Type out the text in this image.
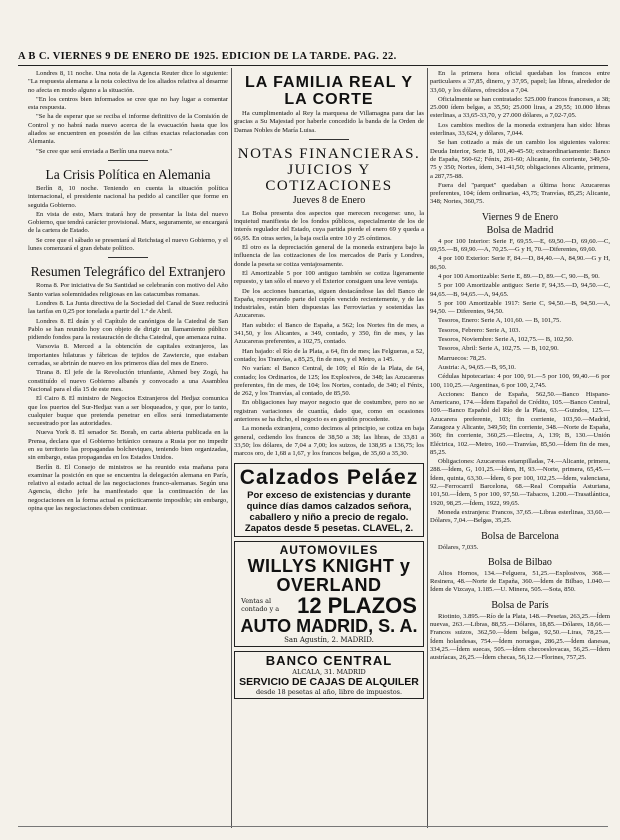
A B C. VIERNES 9 DE ENERO DE 1925. EDICION DE LA TARDE. PAG. 22.

Londres 8, 11 noche. Una nota de la Agencia Reuter dice lo siguiente: "La respuesta alemana a la nota colectiva de los aliados relativa al desarme no afecta en modo alguno a la situación.

"En los centros bien informados se cree que no hay lugar a comentar esta respuesta.

"Se ha de esperar que se reciba el informe definitivo de la Comisión de Control y no habrá nada nuevo acerca de la evacuación hasta que los aliados se encuentren en posesión de las cifras exactas relacionadas con Alemania.

"Se cree que será enviada a Berlín una nueva nota."

La Crisis Política en Alemania

Berlín 8, 10 noche. Teniendo en cuenta la situación política internacional, el presidente nacional ha pedido al canciller que forme en seguida Gobierno.

En vista de esto, Marx tratará hoy de presentar la lista del nuevo Gobierno, que tendrá carácter provisional. Marx, seguramente, se encargará de la cartera de Estado.

Se cree que el sábado se presentará al Reichstag el nuevo Gobierno, y el lunes comenzará el gran debate político.

Resumen Telegráfico del Extranjero

Roma 8. Por iniciativa de Su Santidad se celebrarán con motivo del Año Santo varias solemnidades religiosas en las catacumbas romanas.

Londres 8. La Junta directiva de la Sociedad del Canal de Suez reducirá las tarifas en 0,25 por tonelada a partir del 1.º de Abril.

Londres 8. El deán y el Capítulo de canónigos de la Catedral de San Pablo se han reunido hoy con objeto de dirigir un llamamiento público pidiendo fondos para la restauración de dicha Catedral, que amenaza ruina.

Varsovia 8. Merced a la obtención de capitales extranjeros, las importantes hilaturas y fábricas de tejidos de Zawiercie, que estaban cerradas, se abrirán de nuevo en los primeros días del mes de Enero.

Tirana 8. El jefe de la Revolución triunfante, Ahmed bey Zogú, ha constituído el nuevo Gobierno albanés y convocado a una Asamblea Nacional para el día 15 de este mes.

El Cairo 8. El ministro de Negocios Extranjeros del Hedjaz comunica que los puertos del Sur-Hedjaz van a ser bloqueados, y que, por lo tanto, cualquier buque que pretenda penetrar en ellos será inmediatamente secuestrado por las autoridades.

Nueva York 8. El senador Sr. Borah, en carta abierta publicada en la Prensa, declara que el Gobierno británico censura a Rusia por no impedir en su territorio las propagandas bolcheviques, teniendo bien organizadas, sin embargo, estas propagandas en los Estados Unidos.

Berlín 8. El Consejo de ministros se ha reunido esta mañana para examinar la posición en que se encuentra la delegación alemana en París, relativo al estado actual de las negociaciones franco-alemanas. Según una Agencia, dicho jefe ha manifestado que la continuación de las negociaciones en la forma actual es prácticamente imposible; sin embargo, opina que las negociaciones deben continuar.

LA FAMILIA REAL Y LA CORTE

Ha cumplimentado al Rey la marquesa de Villamagna para dar las gracias a Su Majestad por haberle concedido la banda de la Orden de Damas Nobles de María Luisa.

NOTAS FINANCIERAS. JUICIOS Y COTIZACIONES
Jueves 8 de Enero

La Bolsa presenta dos aspectos que merecen recogerse: uno, la inquietud manifiesta de los fondos públicos, especialmente de los de interés regulador del Estado, cuya partida pierde el enero 69 y queda a 66,95. En otras series, la baja oscila entre 10 y 25 céntimos.

El otro es la depreciación general de la moneda extranjera bajo la influencia de las cotizaciones de los mercados de París y Londres, donde la peseta se cotiza ventajosamente.

El Amortizable 5 por 100 antiguo también se cotiza ligeramente repuesto, y tan sólo el nuevo y el Exterior consiguen una leve ventaja.

De los acciones bancarias, siguen destacándose las del Banco de España, recuperando parte del cupón vencido recientemente, y de las industriales, están bien dispuestas las Ferroviarias y sostenidas las Azucareras.

Han subido: el Banco de España, a 562; los Nortes fin de mes, a 341,50, y los Alicantes, a 349, contado, y 350, fin de mes, y las Azucareras preferentes, a 102,75, contado.

Han bajado: el Río de la Plata, a 64, fin de mes; las Felgueras, a 52, contado; los Tranvías, a 85,25, fin de mes, y el Metro, a 145.

No varían: el Banco Central, de 109; el Río de la Plata, de 64, contado; los Ordinarios, de 125; los Explosivos, de 348; las Azucareras preferentes, fin de mes, de 104; los Nortes, contado, de 340; el Fénix, de 262, y los Tranvías, al contado, de 85,50.

En obligaciones hay mayor negocio que de costumbre, pero no se registran variaciones de cuantía, dado que, como en ocasiones anteriores se ha dicho, el negocio es en gestión procedente.

La moneda extranjera, como decimos al principio, se cotiza en baja general, cediendo los francos de 38,50 a 38; las libras, de 33,81 a 33,50; los dólares, de 7,04 a 7,00; los suizos, de 138,95 a 136,75; los marcos oro, de 1,68 a 1,67, y los francos belgas, de 35,60 a 35,30.

Calzados Peláez
Por exceso de existencias y durante quince días damos calzados señora, caballero y niño a precio de regalo. Zapatos desde 5 pesetas. CLAVEL, 2.
AUTOMOVILES
WILLYS KNIGHT y OVERLAND
Ventas al contado y a 12 PLAZOS
AUTO MADRID, S. A.
San Agustín, 2. MADRID.
BANCO CENTRAL
ALCALA, 31. MADRID
SERVICIO DE CAJAS DE ALQUILER
desde 18 pesetas al año, libre de impuestos.

En la primera hora oficial quedaban los francos entre particulares a 37,85, dinero, y 37,95, papel; las libras, alrededor de 33,60, y los dólares, ofrecidos a 7,04.

Oficialmente se han contratado: 525.000 francos franceses, a 38; 25.000 ídem belgas, a 35,50; 25.000 liras, a 29,55; 10.000 libras esterlinas, a 33,65-33,70, y 27.000 dólares, a 7,02-7,05.

Los cambios medios de la moneda extranjera han sido: libras esterlinas, 33,624, y dólares, 7,044.

Se han cotizado a más de un cambio los siguientes valores: Deuda Interior, Serie B, 101,40-45-50; extraordinariamente: Banco de España, 560-62; Fénix, 261-60; Alicante, fin corriente, 349,50-75 y 350; Nortes, ídem, 341-41,50; obligaciones Alicante, primera, a 287,75-88.

Fuera del "parquet" quedaban a última hora: Azucareras preferentes, 104; ídem ordinarias, 43,75; Tranvías, 85,25; Alicante, 348; Nortes, 360,75.

Viernes 9 de Enero
Bolsa de Madrid

4 por 100 Interior: Serie F, 69,55.—E, 69,50.—D, 69,60.—C, 69,55.—B, 69,90.—A, 70,25.—G y H, 70.—Diferentes, 69,60.

4 por 100 Exterior: Serie F, 84.—D, 84,40.—A, 84,90.—G y H, 86,50.

4 por 100 Amortizable: Serie E, 89.—D, 89.—C, 90.—B, 90.

5 por 100 Amortizable antiguo: Serie F, 94,35.—D, 94,50.—C, 94,65.—B, 94,65.—A, 94,65.

5 por 100 Amortizable 1917: Serie C, 94,50.—B, 94,50.—A, 94,50. — Diferentes, 94,50.

Tesoros, Enero: Serie A, 101,60. — B, 101,75.

Tesoros, Febrero: Serie A, 103.

Tesoros, Noviembre: Serie A, 102,75.— B, 102,50.

Tesoros, Abril: Serie A, 102,75. — B, 102,90.

Marruecos: 78,25.

Austria: A, 94,65.—B, 95,10.

Cédulas hipotecarias: 4 por 100, 91.—5 por 100, 99,40.—6 por 100, 110,25.—Argentinas, 6 por 100, 2,745.

Acciones: Banco de España, 562,50.—Banco Hispano-Americano, 174.—Ídem Español de Crédito, 105.—Banco Central, 109.—Banco Español del Río de la Plata, 63.—Guindos, 125.—Azucarera preferente, 103; fin corriente, 103,50.—Madrid, Zaragoza y Alicante, 349,50; fin corriente, 348.—Norte de España, 360; fin corriente, 360,25.—Electra, A, 139; B, 130.—Unión Eléctrica, 102.—Metro, 160.—Tranvías, 85,50.—Ídem fin de mes, 85,25.

Obligaciones: Azucareras estampilladas, 74.—Alicante, primera, 288.—Ídem, G, 101,25.—Ídem, H, 93.—Norte, primera, 65,45.—Ídem, quinta, 63,30.—Ídem, 6 por 100, 102,25.—Ídem, valenciana, 92.—Ferrocarril Barcelona, 68.—Real Compañía Asturiana, 101,50.—Ídem, 5 por 100, 97,50.—Tabacos, 1.200.—Trasatlántica, 1920, 98,25.—Ídem, 1922, 99,65.

Moneda extranjera: Francos, 37,65.—Libras esterlinas, 33,60.—Dólares, 7,04.—Belgas, 35,25.

Bolsa de Barcelona

Dólares, 7,035.

Bolsa de Bilbao

Altos Hornos, 134.—Felguera, 51,25.—Explosivos, 368.—Resinera, 48.—Norte de España, 360.—Ídem de Bilbao, 1.040.—Ídem de Vizcaya, 1.185.—U. Minera, 505.—Sota, 850.

Bolsa de París

Riotinto, 3.895.—Río de la Plata, 148.—Pesetas, 263,25.—Ídem nuevas, 263.—Libras, 88,55.—Dólares, 18,85.—Dólares, 18,66.—Francos suizos, 362,50.—Ídem belgas, 92,50.—Liras, 78,25.—Ídem holandesas, 754.—Ídem noruegas, 286,25.—Ídem danesas, 334,25.—Ídem suecas, 505.—Ídem checoeslovacas, 56,25.—Ídem austríacas, 26,25.—Ídem checas, 56,12.—Florines, 757,25.
